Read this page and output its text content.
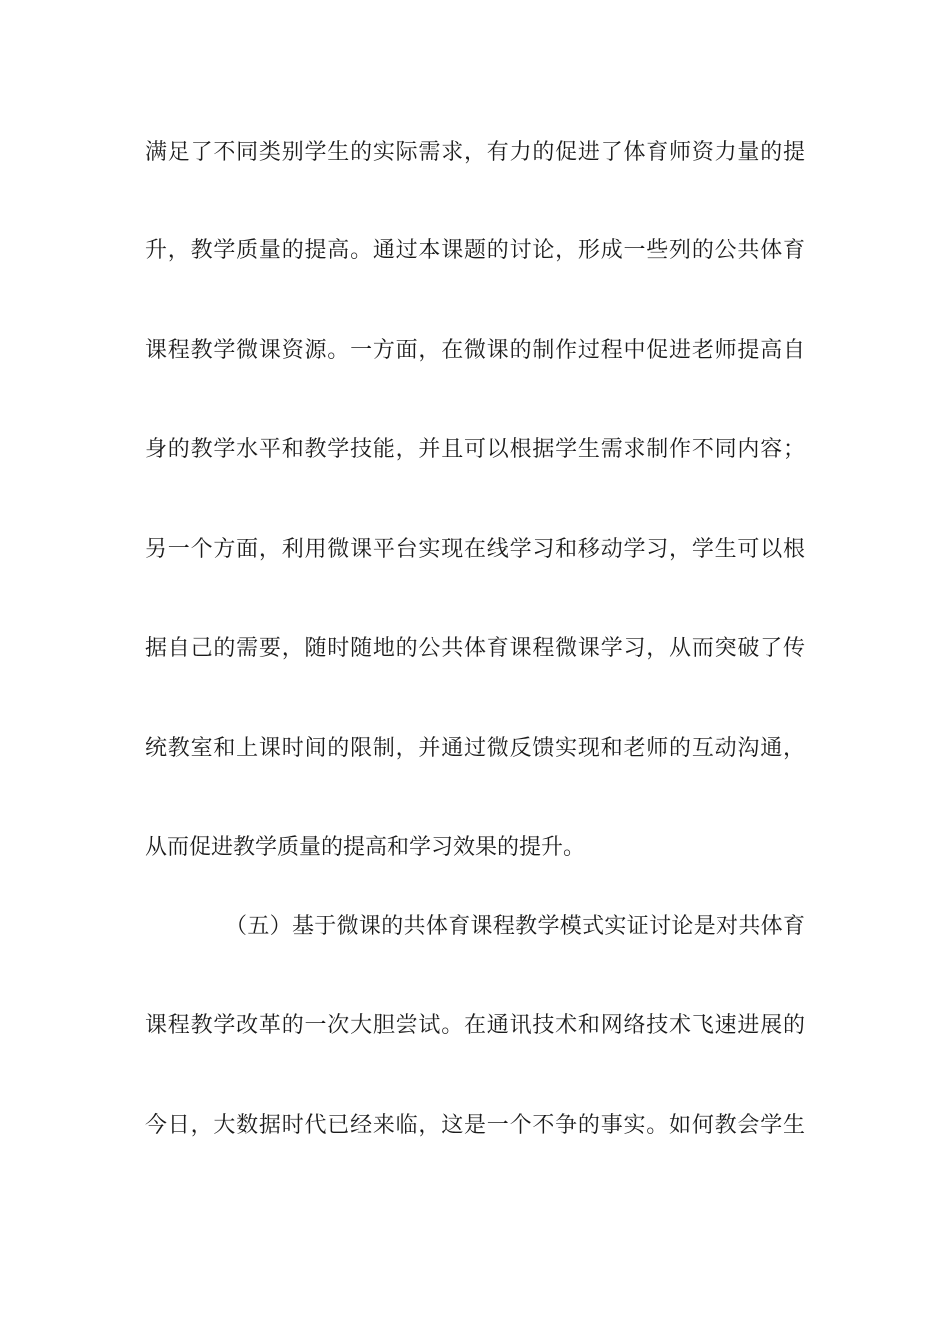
满足了不同类别学生的实际需求，有力的促进了体育师资力量的提
升，教学质量的提高。通过本课题的讨论，形成一些列的公共体育
课程教学微课资源。一方面，在微课的制作过程中促进老师提高自
身的教学水平和教学技能，并且可以根据学生需求制作不同内容；
另一个方面，利用微课平台实现在线学习和移动学习，学生可以根
据自己的需要，随时随地的公共体育课程微课学习，从而突破了传
统教室和上课时间的限制，并通过微反馈实现和老师的互动沟通，
从而促进教学质量的提高和学习效果的提升。
（五）基于微课的共体育课程教学模式实证讨论是对共体育
课程教学改革的一次大胆尝试。在通讯技术和网络技术飞速进展的
今日，大数据时代已经来临，这是一个不争的事实。如何教会学生
